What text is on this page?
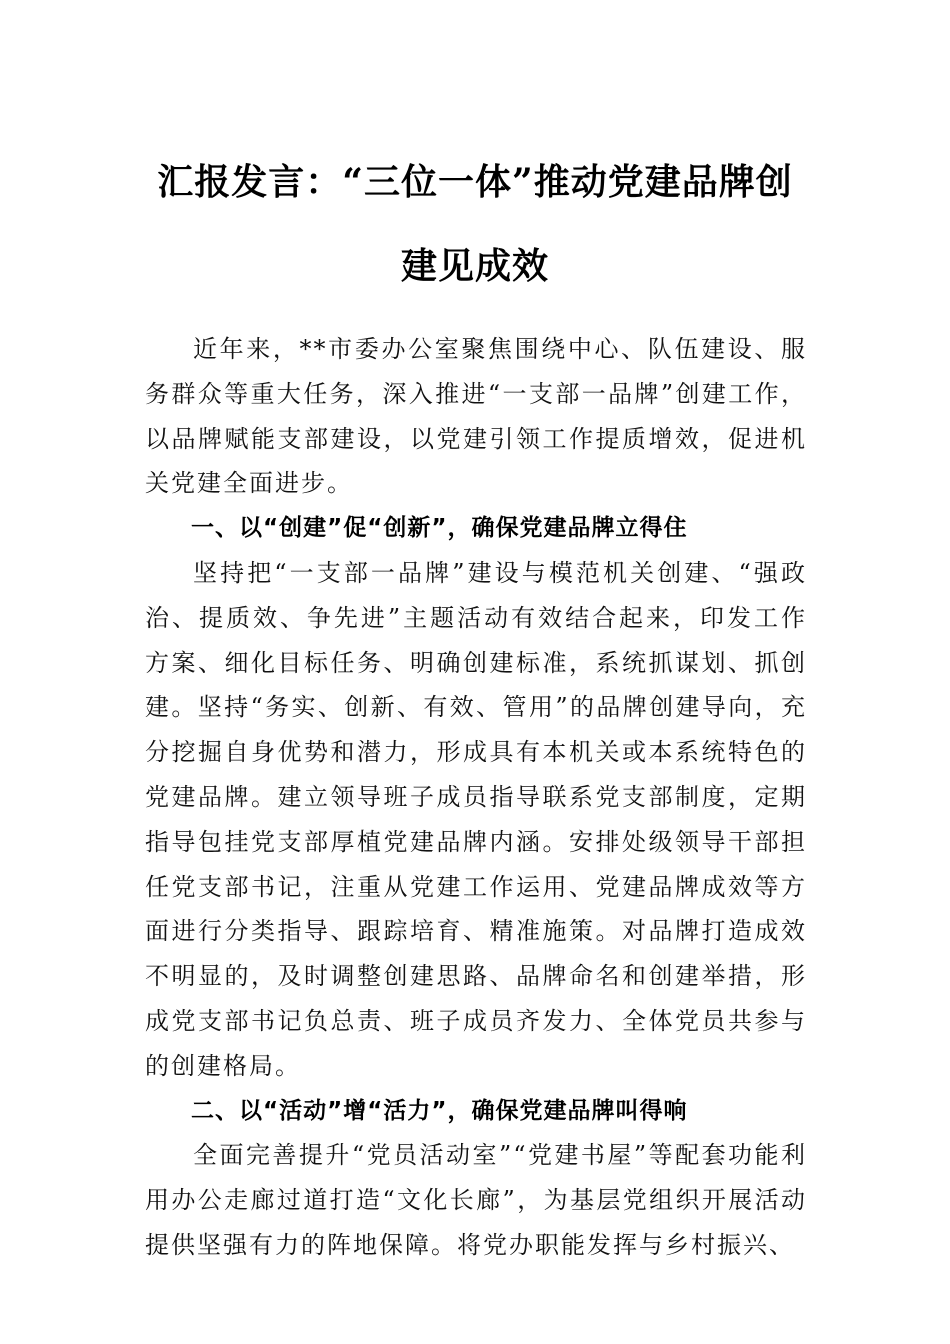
汇报发言：“三位一体”推动党建品牌创
建见成效

近年来，**市委办公室聚焦围绕中心、队伍建设、服务群众等重大任务，深入推进“一支部一品牌”创建工作，以品牌赋能支部建设，以党建引领工作提质增效，促进机关党建全面进步。

一、以“创建”促“创新”，确保党建品牌立得住

坚持把“一支部一品牌”建设与模范机关创建、“强政治、提质效、争先进”主题活动有效结合起来，印发工作方案、细化目标任务、明确创建标准，系统抓谋划、抓创建。坚持“务实、创新、有效、管用”的品牌创建导向，充分挖掘自身优势和潜力，形成具有本机关或本系统特色的党建品牌。建立领导班子成员指导联系党支部制度，定期指导包挂党支部厚植党建品牌内涵。安排处级领导干部担任党支部书记，注重从党建工作运用、党建品牌成效等方面进行分类指导、跟踪培育、精准施策。对品牌打造成效不明显的，及时调整创建思路、品牌命名和创建举措，形成党支部书记负总责、班子成员齐发力、全体党员共参与的创建格局。

二、以“活动”增“活力”，确保党建品牌叫得响

全面完善提升“党员活动室”“党建书屋”等配套功能利用办公走廊过道打造“文化长廊”，为基层党组织开展活动提供坚强有力的阵地保障。将党办职能发挥与乡村振兴、
